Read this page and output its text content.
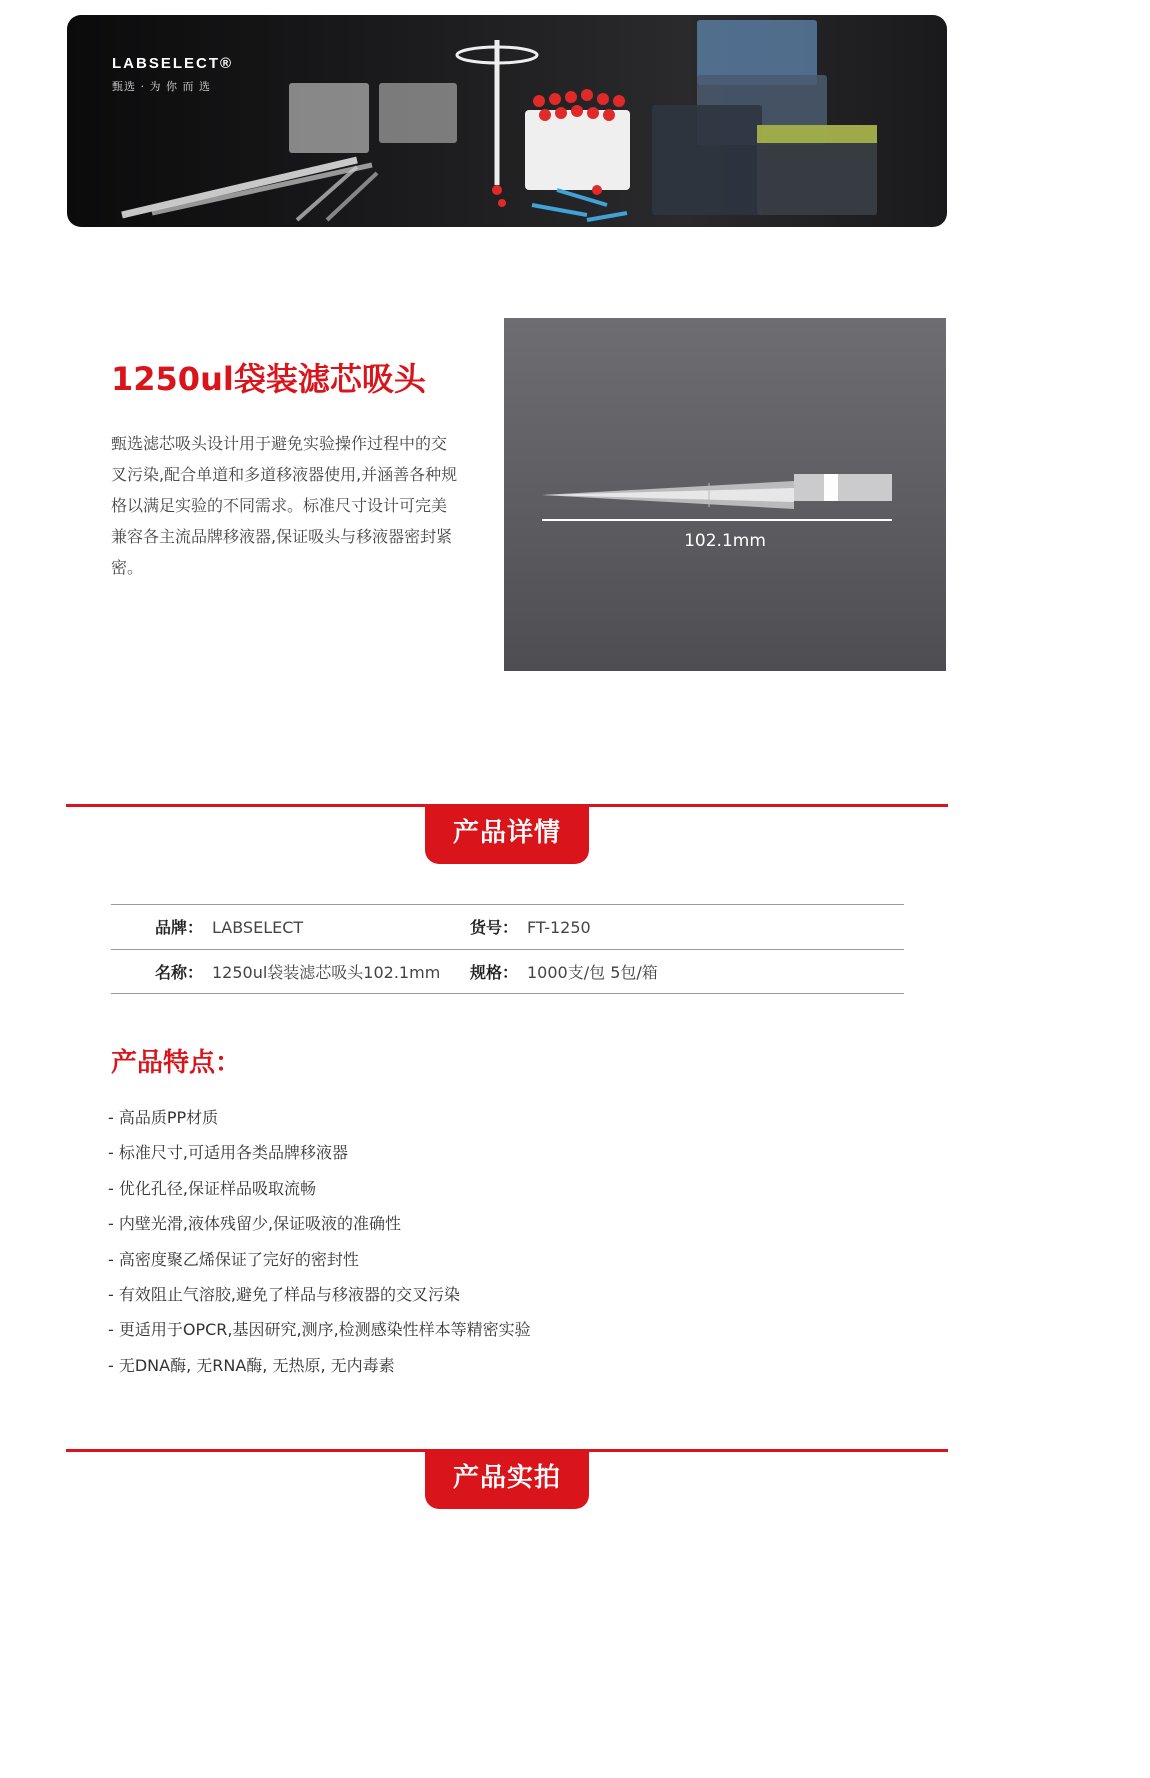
LABSELECT®
甄选 · 为 你 而 选
1250ul袋装滤芯吸头
甄选滤芯吸头设计用于避免实验操作过程中的交叉污染,配合单道和多道移液器使用,并涵善各种规格以满足实验的不同需求。标准尺寸设计可完美兼容各主流品牌移液器,保证吸头与移液器密封紧密。
102.1mm
产品详情
品牌： LABSELECT	货号： FT-1250
名称： 1250ul袋装滤芯吸头102.1mm 规格： 1000支/包 5包/箱
产品特点：
- 高品质PP材质
- 标准尺寸,可适用各类品牌移液器
- 优化孔径,保证样品吸取流畅
- 内壁光滑,液体残留少,保证吸液的准确性
- 高密度聚乙烯保证了完好的密封性
- 有效阻止气溶胶,避免了样品与移液器的交叉污染
- 更适用于OPCR,基因研究,测序,检测感染性样本等精密实验
- 无DNA酶, 无RNA酶, 无热原, 无内毒素
产品实拍
